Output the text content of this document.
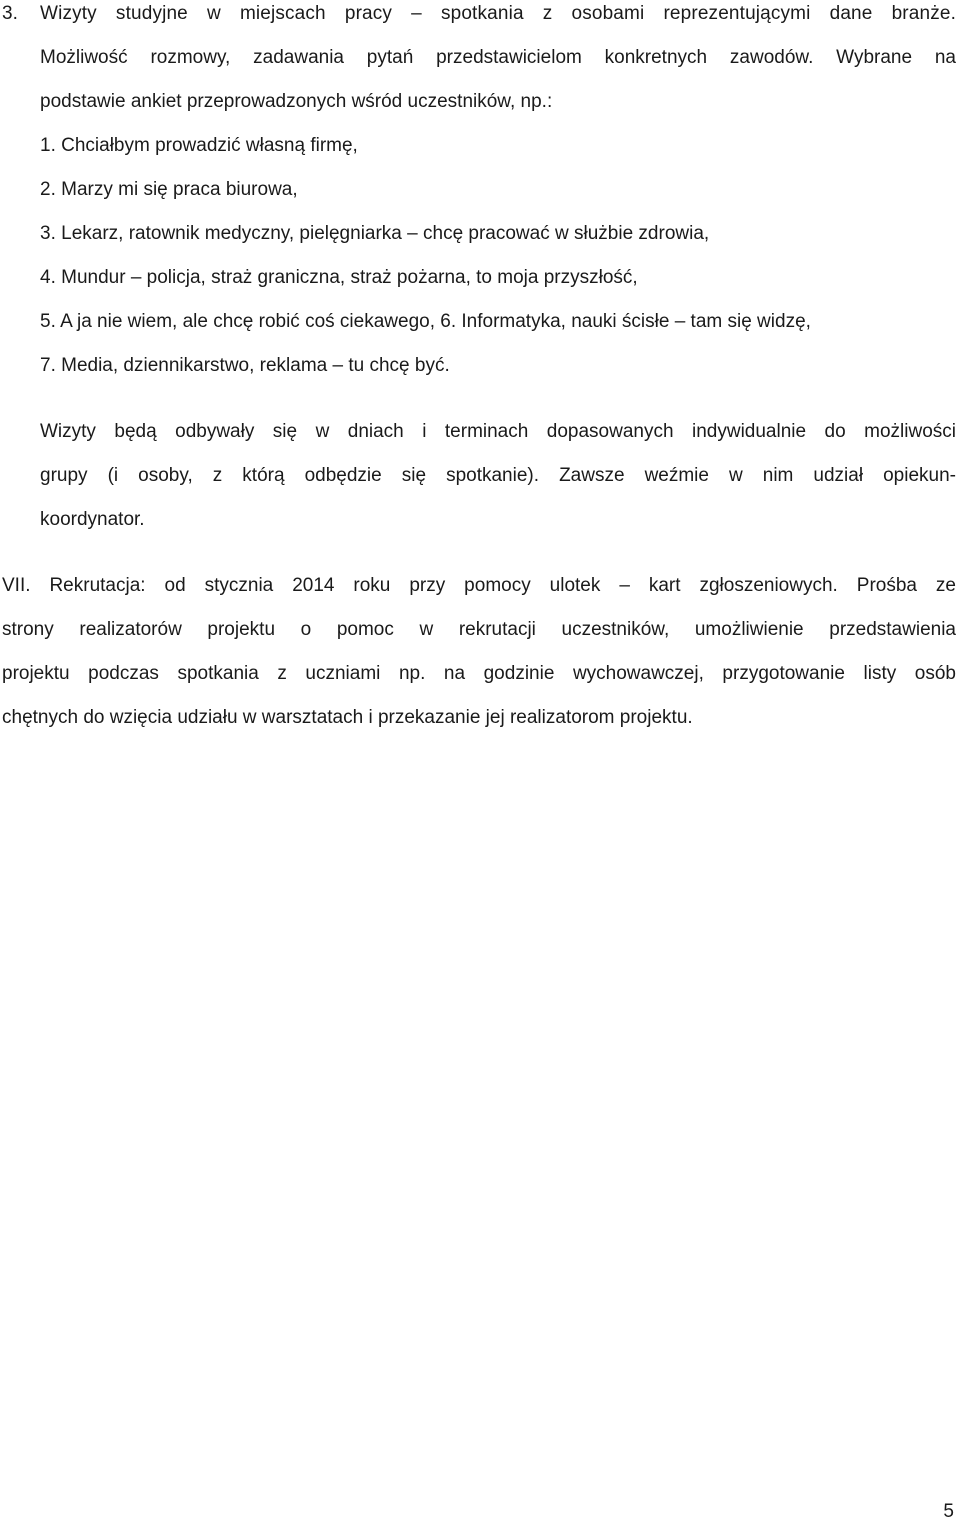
3. Wizyty studyjne w miejscach pracy – spotkania z osobami reprezentującymi dane branże.
Możliwość rozmowy, zadawania pytań przedstawicielom konkretnych zawodów. Wybrane na
podstawie ankiet przeprowadzonych wśród uczestników, np.:
1. Chciałbym prowadzić własną firmę,
2. Marzy mi się praca biurowa,
3. Lekarz, ratownik medyczny, pielęgniarka – chcę pracować w służbie zdrowia,
4. Mundur – policja, straż graniczna, straż pożarna, to moja przyszłość,
5. A ja nie wiem, ale chcę robić coś ciekawego, 6. Informatyka, nauki ścisłe – tam się widzę,
7. Media, dziennikarstwo, reklama – tu chcę być.
Wizyty będą odbywały się w dniach i terminach dopasowanych indywidualnie do możliwości
grupy (i osoby, z którą odbędzie się spotkanie). Zawsze weźmie w nim udział opiekun-
koordynator.
VII. Rekrutacja: od stycznia 2014 roku przy pomocy ulotek – kart zgłoszeniowych. Prośba ze
strony realizatorów projektu o pomoc w rekrutacji uczestników, umożliwienie przedstawienia
projektu podczas spotkania z uczniami np. na godzinie wychowawczej, przygotowanie listy osób
chętnych do wzięcia udziału w warsztatach i przekazanie jej realizatorom projektu.
5
